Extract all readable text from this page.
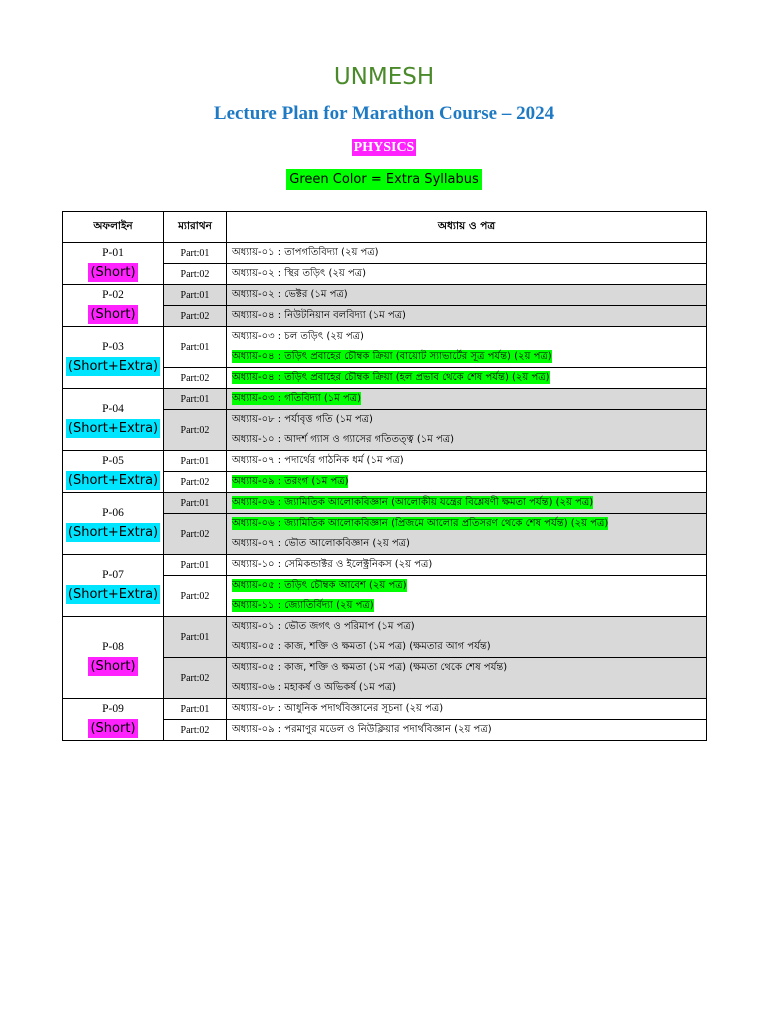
UNMESH
Lecture Plan for Marathon Course – 2024
PHYSICS
Green Color = Extra Syllabus
অফলাইন	ম্যারাথন	অধ্যায় ও পত্র

P-01
(Short)	Part:01	অধ্যায়-০১ : তাপগতিবিদ্যা (২য় পত্র)

	Part:02	অধ্যায়-০২ : স্থির তড়িৎ (২য় পত্র)

P-02
(Short)	Part:01	অধ্যায়-০২ : ভেক্টর (১ম পত্র)

	Part:02	অধ্যায়-০৪ : নিউটনিয়ান বলবিদ্যা (১ম পত্র)

P-03
(Short+Extra)	Part:01	অধ্যায়-০৩ : চল তড়িৎ (২য় পত্র)
অধ্যায়-০৪ : তড়িৎ প্রবাহের চৌম্বক ক্রিয়া (বায়োট স্যাভার্টের সূত্র পর্যন্ত) (২য় পত্র)

	Part:02	অধ্যায়-০৪ : তড়িৎ প্রবাহের চৌম্বক ক্রিয়া (হল প্রভাব থেকে শেষ পর্যন্ত) (২য় পত্র)

P-04
(Short+Extra)	Part:01	অধ্যায়-০৩ : গতিবিদ্যা (১ম পত্র)

	Part:02	অধ্যায়-০৮ : পর্যাবৃত্ত গতি (১ম পত্র)
অধ্যায়-১০ : আদর্শ গ্যাস ও গ্যাসের গতিতত্ত্ব (১ম পত্র)

P-05
(Short+Extra)	Part:01	অধ্যায়-০৭ : পদার্থের গাঠনিক ধর্ম (১ম পত্র)

	Part:02	অধ্যায়-০৯ : তরংগ (১ম পত্র)

P-06
(Short+Extra)	Part:01	অধ্যায়-০৬ : জ্যামিতিক আলোকবিজ্ঞান (আলোকীয় যন্ত্রের বিশ্লেষণী ক্ষমতা পর্যন্ত) (২য় পত্র)

	Part:02	অধ্যায়-০৬ : জ্যামিতিক আলোকবিজ্ঞান (প্রিজমে আলোর প্রতিসরণ থেকে শেষ পর্যন্ত) (২য় পত্র)
অধ্যায়-০৭ : ভৌত আলোকবিজ্ঞান (২য় পত্র)

P-07
(Short+Extra)	Part:01	অধ্যায়-১০ : সেমিকন্ডাক্টর ও ইলেক্ট্রনিকস (২য় পত্র)

	Part:02	অধ্যায়-০৫ : তড়িৎ চৌম্বক আবেশ (২য় পত্র)
অধ্যায়-১১ : জ্যোতির্বিদ্যা (২য় পত্র)

P-08
(Short)	Part:01	অধ্যায়-০১ : ভৌত জগৎ ও পরিমাপ (১ম পত্র)
অধ্যায়-০৫ : কাজ, শক্তি ও ক্ষমতা (১ম পত্র) (ক্ষমতার আগ পর্যন্ত)

	Part:02	অধ্যায়-০৫ : কাজ, শক্তি ও ক্ষমতা (১ম পত্র) (ক্ষমতা থেকে শেষ পর্যন্ত)
অধ্যায়-০৬ : মহাকর্ষ ও অভিকর্ষ (১ম পত্র)

P-09
(Short)	Part:01	অধ্যায়-০৮ : আধুনিক পদার্থবিজ্ঞানের সূচনা (২য় পত্র)

	Part:02	অধ্যায়-০৯ : পরমাণুর মডেল ও নিউক্লিয়ার পদার্থবিজ্ঞান (২য় পত্র)
